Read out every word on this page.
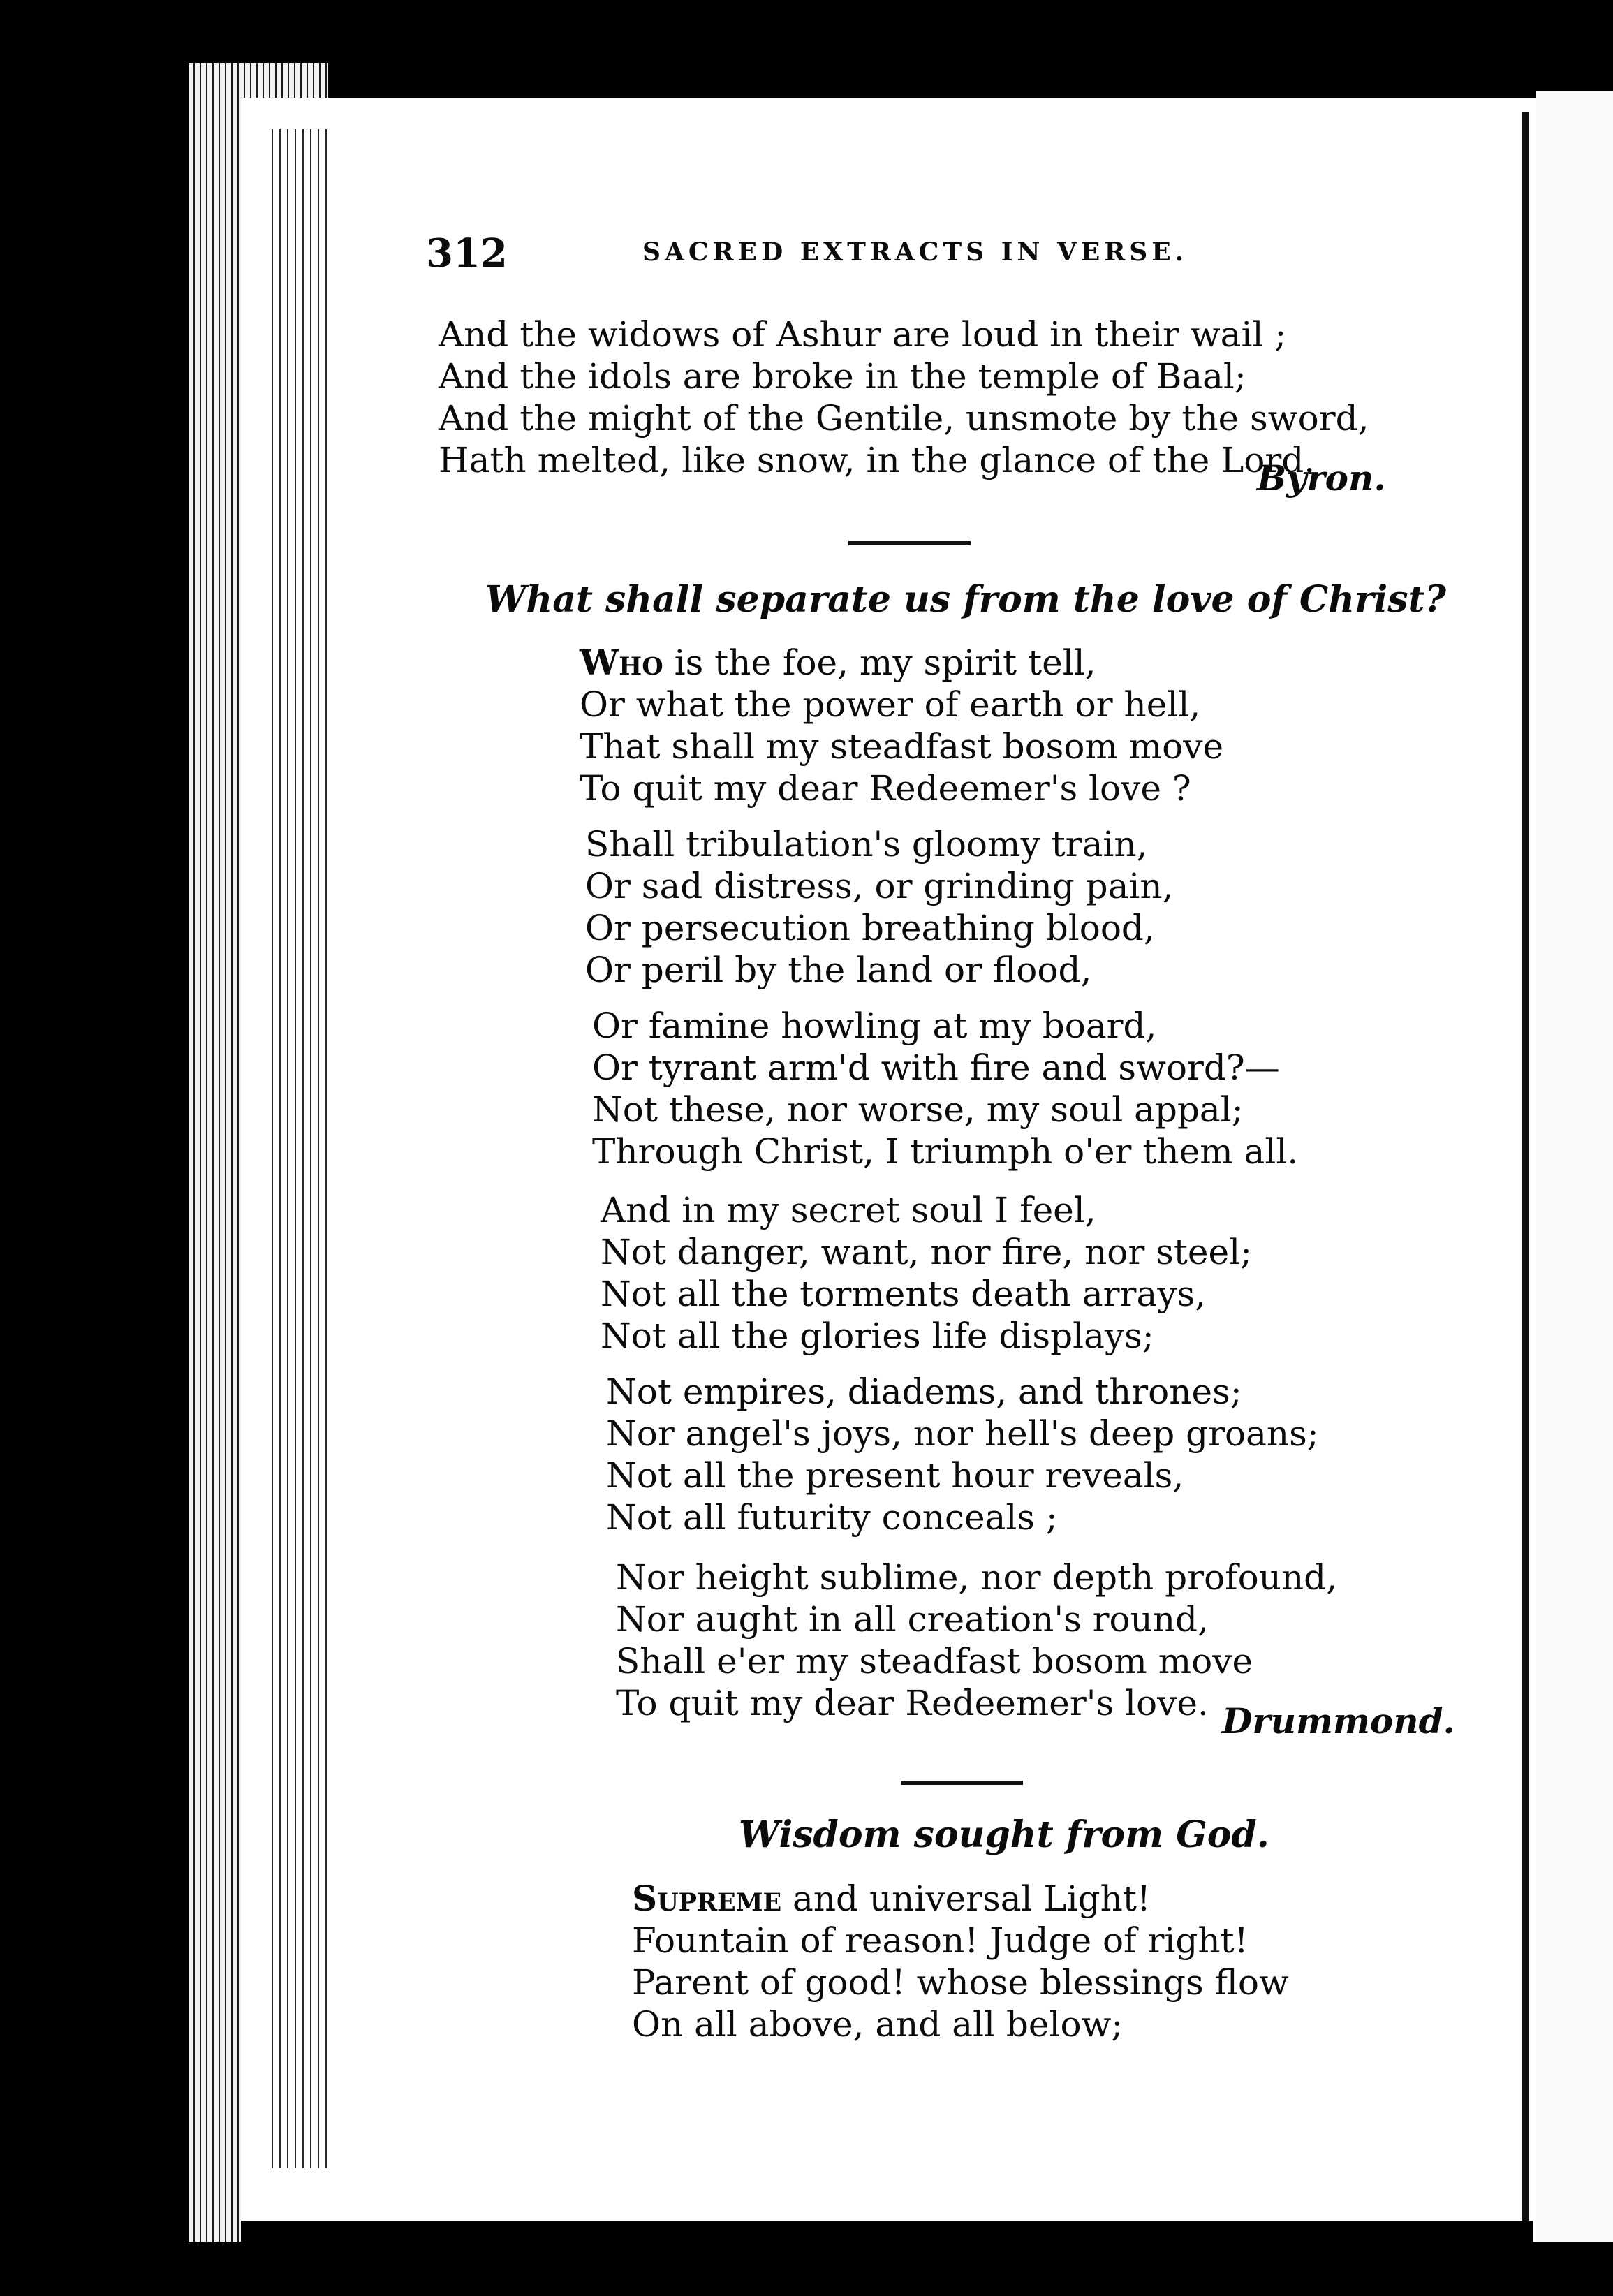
312	SACRED EXTRACTS IN VERSE.

And the widows of Ashur are loud in their wail ;

And the idols are broke in the temple of Baal;

And the might of the Gentile, unsmote by the sword,

Hath melted, like snow, in the glance of the Lord.

Byron.

What shall separate us from the love of Christ?

Who is the foe, my spirit tell,

Or what the power of earth or hell,

That shall my steadfast bosom move

To quit my dear Redeemer's love ?

Shall tribulation's gloomy train,

Or sad distress, or grinding pain,

Or persecution breathing blood,

Or peril by the land or flood,

Or famine howling at my board,

Or tyrant arm'd with fire and sword?—

Not these, nor worse, my soul appal;

Through Christ, I triumph o'er them all.

And in my secret soul I feel,

Not danger, want, nor fire, nor steel;

Not all the torments death arrays,

Not all the glories life displays;

Not empires, diadems, and thrones;

Nor angel's joys, nor hell's deep groans;

Not all the present hour reveals,

Not all futurity conceals ;

Nor height sublime, nor depth profound,

Nor aught in all creation's round,

Shall e'er my steadfast bosom move

To quit my dear Redeemer's love. Drummond.

Wisdom sought from God.

Supreme and universal Light!

Fountain of reason! Judge of right!

Parent of good! whose blessings flow

On all above, and all below;
